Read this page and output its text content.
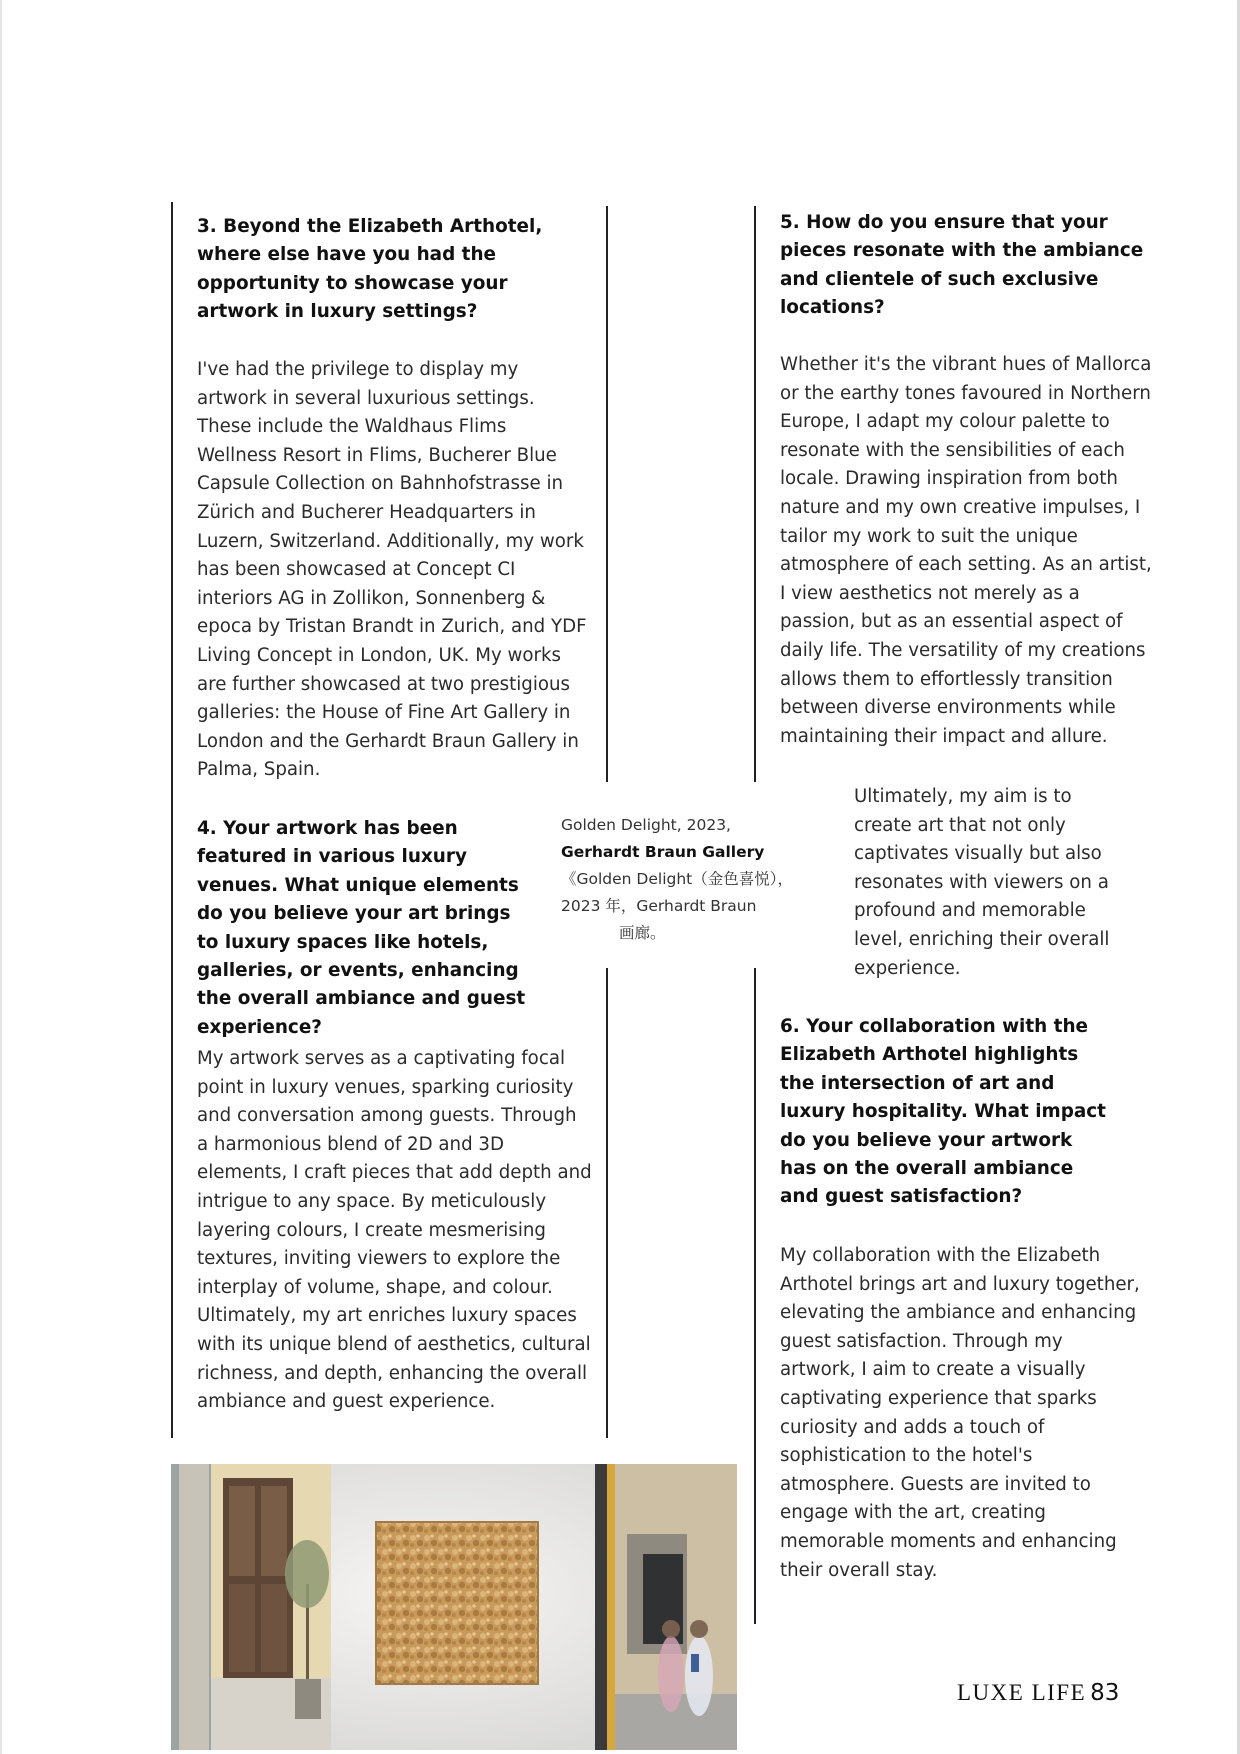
3. Beyond the Elizabeth Arthotel, where else have you had the opportunity to showcase your artwork in luxury settings?

I've had the privilege to display my artwork in several luxurious settings. These include the Waldhaus Flims Wellness Resort in Flims, Bucherer Blue Capsule Collection on Bahnhofstrasse in Zürich and Bucherer Headquarters in Luzern, Switzerland. Additionally, my work has been showcased at Concept CI interiors AG in Zollikon, Sonnenberg & epoca by Tristan Brandt in Zurich, and YDF Living Concept in London, UK. My works are further showcased at two prestigious galleries: the House of Fine Art Gallery in London and the Gerhardt Braun Gallery in Palma, Spain.

4. Your artwork has been featured in various luxury venues. What unique elements do you believe your art brings to luxury spaces like hotels, galleries, or events, enhancing the overall ambiance and guest experience?

My artwork serves as a captivating focal point in luxury venues, sparking curiosity and conversation among guests. Through a harmonious blend of 2D and 3D elements, I craft pieces that add depth and intrigue to any space. By meticulously layering colours, I create mesmerising textures, inviting viewers to explore the interplay of volume, shape, and colour. Ultimately, my art enriches luxury spaces with its unique blend of aesthetics, cultural richness, and depth, enhancing the overall ambiance and guest experience.

Golden Delight, 2023,
Gerhardt Braun Gallery
《Golden Delight（金色喜悦），2023 年，Gerhardt Braun
画廊。

5. How do you ensure that your pieces resonate with the ambiance and clientele of such exclusive locations?

Whether it's the vibrant hues of Mallorca or the earthy tones favoured in Northern Europe, I adapt my colour palette to resonate with the sensibilities of each locale. Drawing inspiration from both nature and my own creative impulses, I tailor my work to suit the unique atmosphere of each setting. As an artist, I view aesthetics not merely as a passion, but as an essential aspect of daily life. The versatility of my creations allows them to effortlessly transition between diverse environments while maintaining their impact and allure.

Ultimately, my aim is to create art that not only captivates visually but also resonates with viewers on a profound and memorable level, enriching their overall experience.

6. Your collaboration with the Elizabeth Arthotel highlights the intersection of art and luxury hospitality. What impact do you believe your artwork has on the overall ambiance and guest satisfaction?

My collaboration with the Elizabeth Arthotel brings art and luxury together, elevating the ambiance and enhancing guest satisfaction. Through my artwork, I aim to create a visually captivating experience that sparks curiosity and adds a touch of sophistication to the hotel's atmosphere. Guests are invited to engage with the art, creating memorable moments and enhancing their overall stay.

LUXE LIFE 83
